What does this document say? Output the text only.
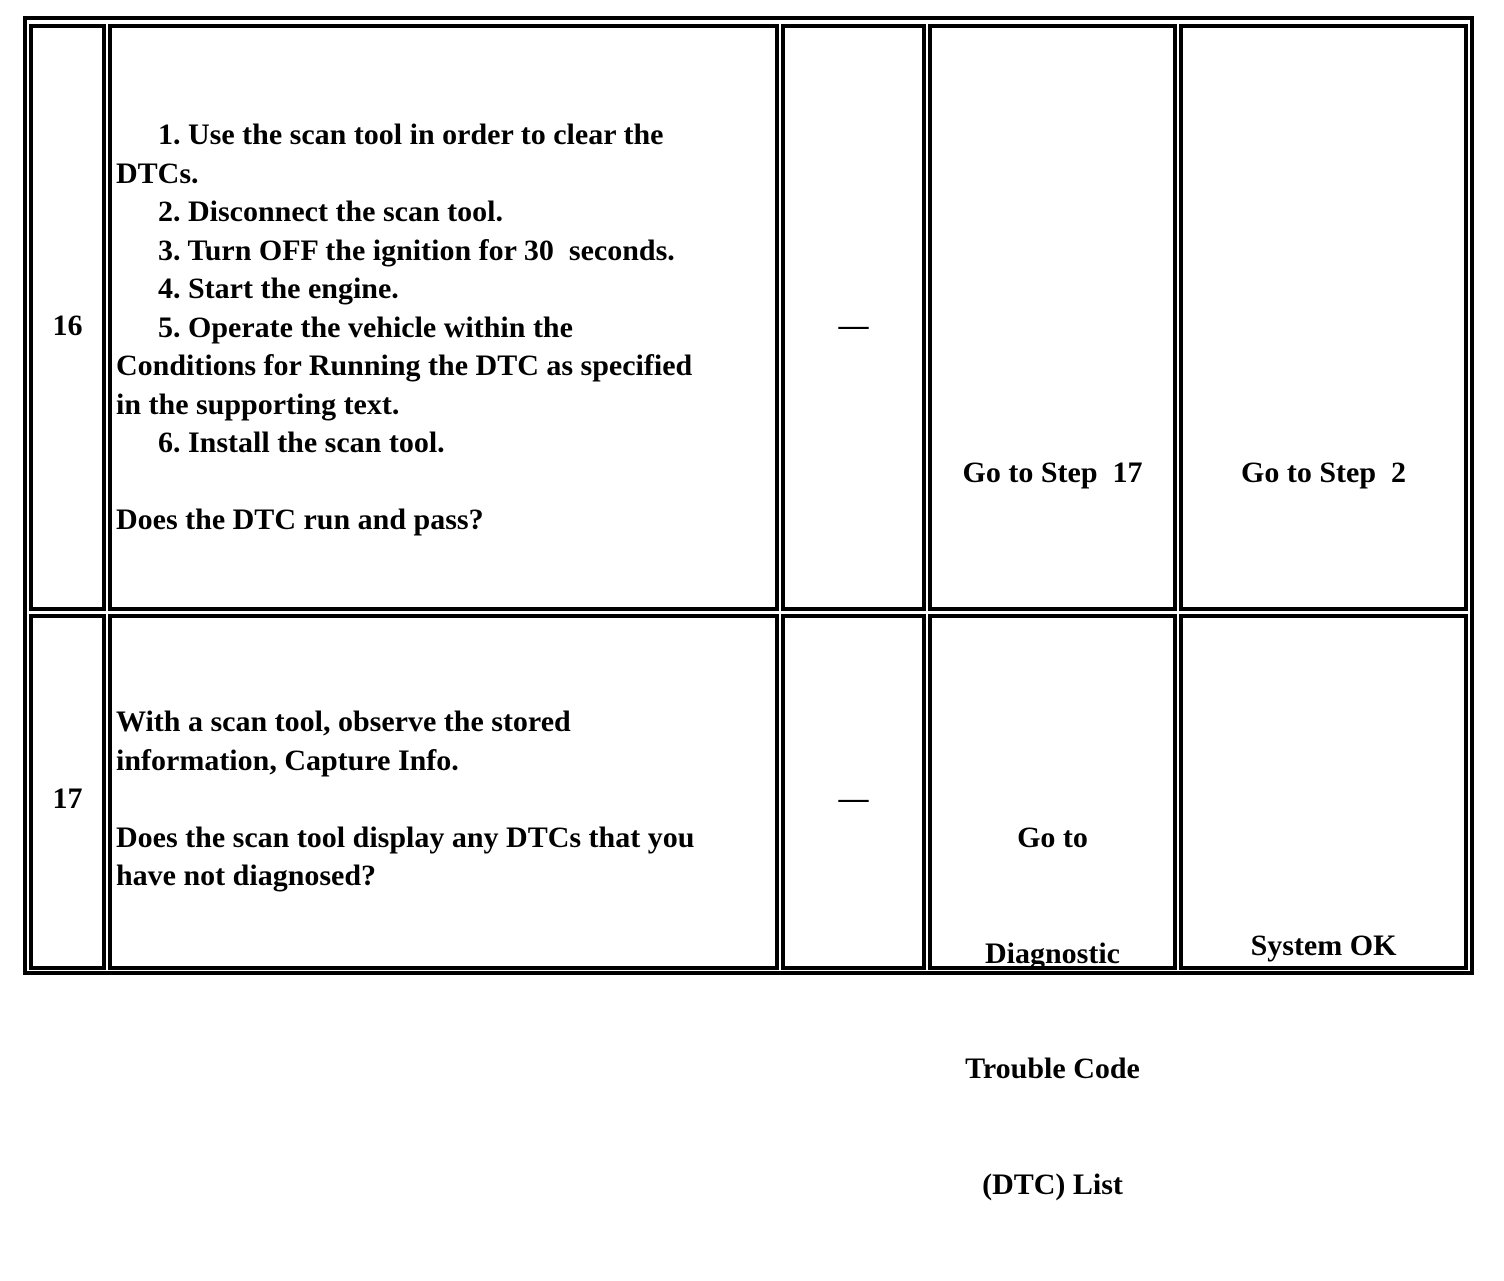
16
1. Use the scan tool in order to clear the
DTCs.
2. Disconnect the scan tool.
3. Turn OFF the ignition for 30  seconds.
4. Start the engine.
5. Operate the vehicle within the
Conditions for Running the DTC as specified
in the supporting text.
6. Install the scan tool.
Does the DTC run and pass?
—
Go to Step  17	Go to Step  2
17
With a scan tool, observe the stored
information, Capture Info.
Does the scan tool display any DTCs that you
have not diagnosed?
—

Go to

Diagnostic

Trouble Code

(DTC) List

System OK
